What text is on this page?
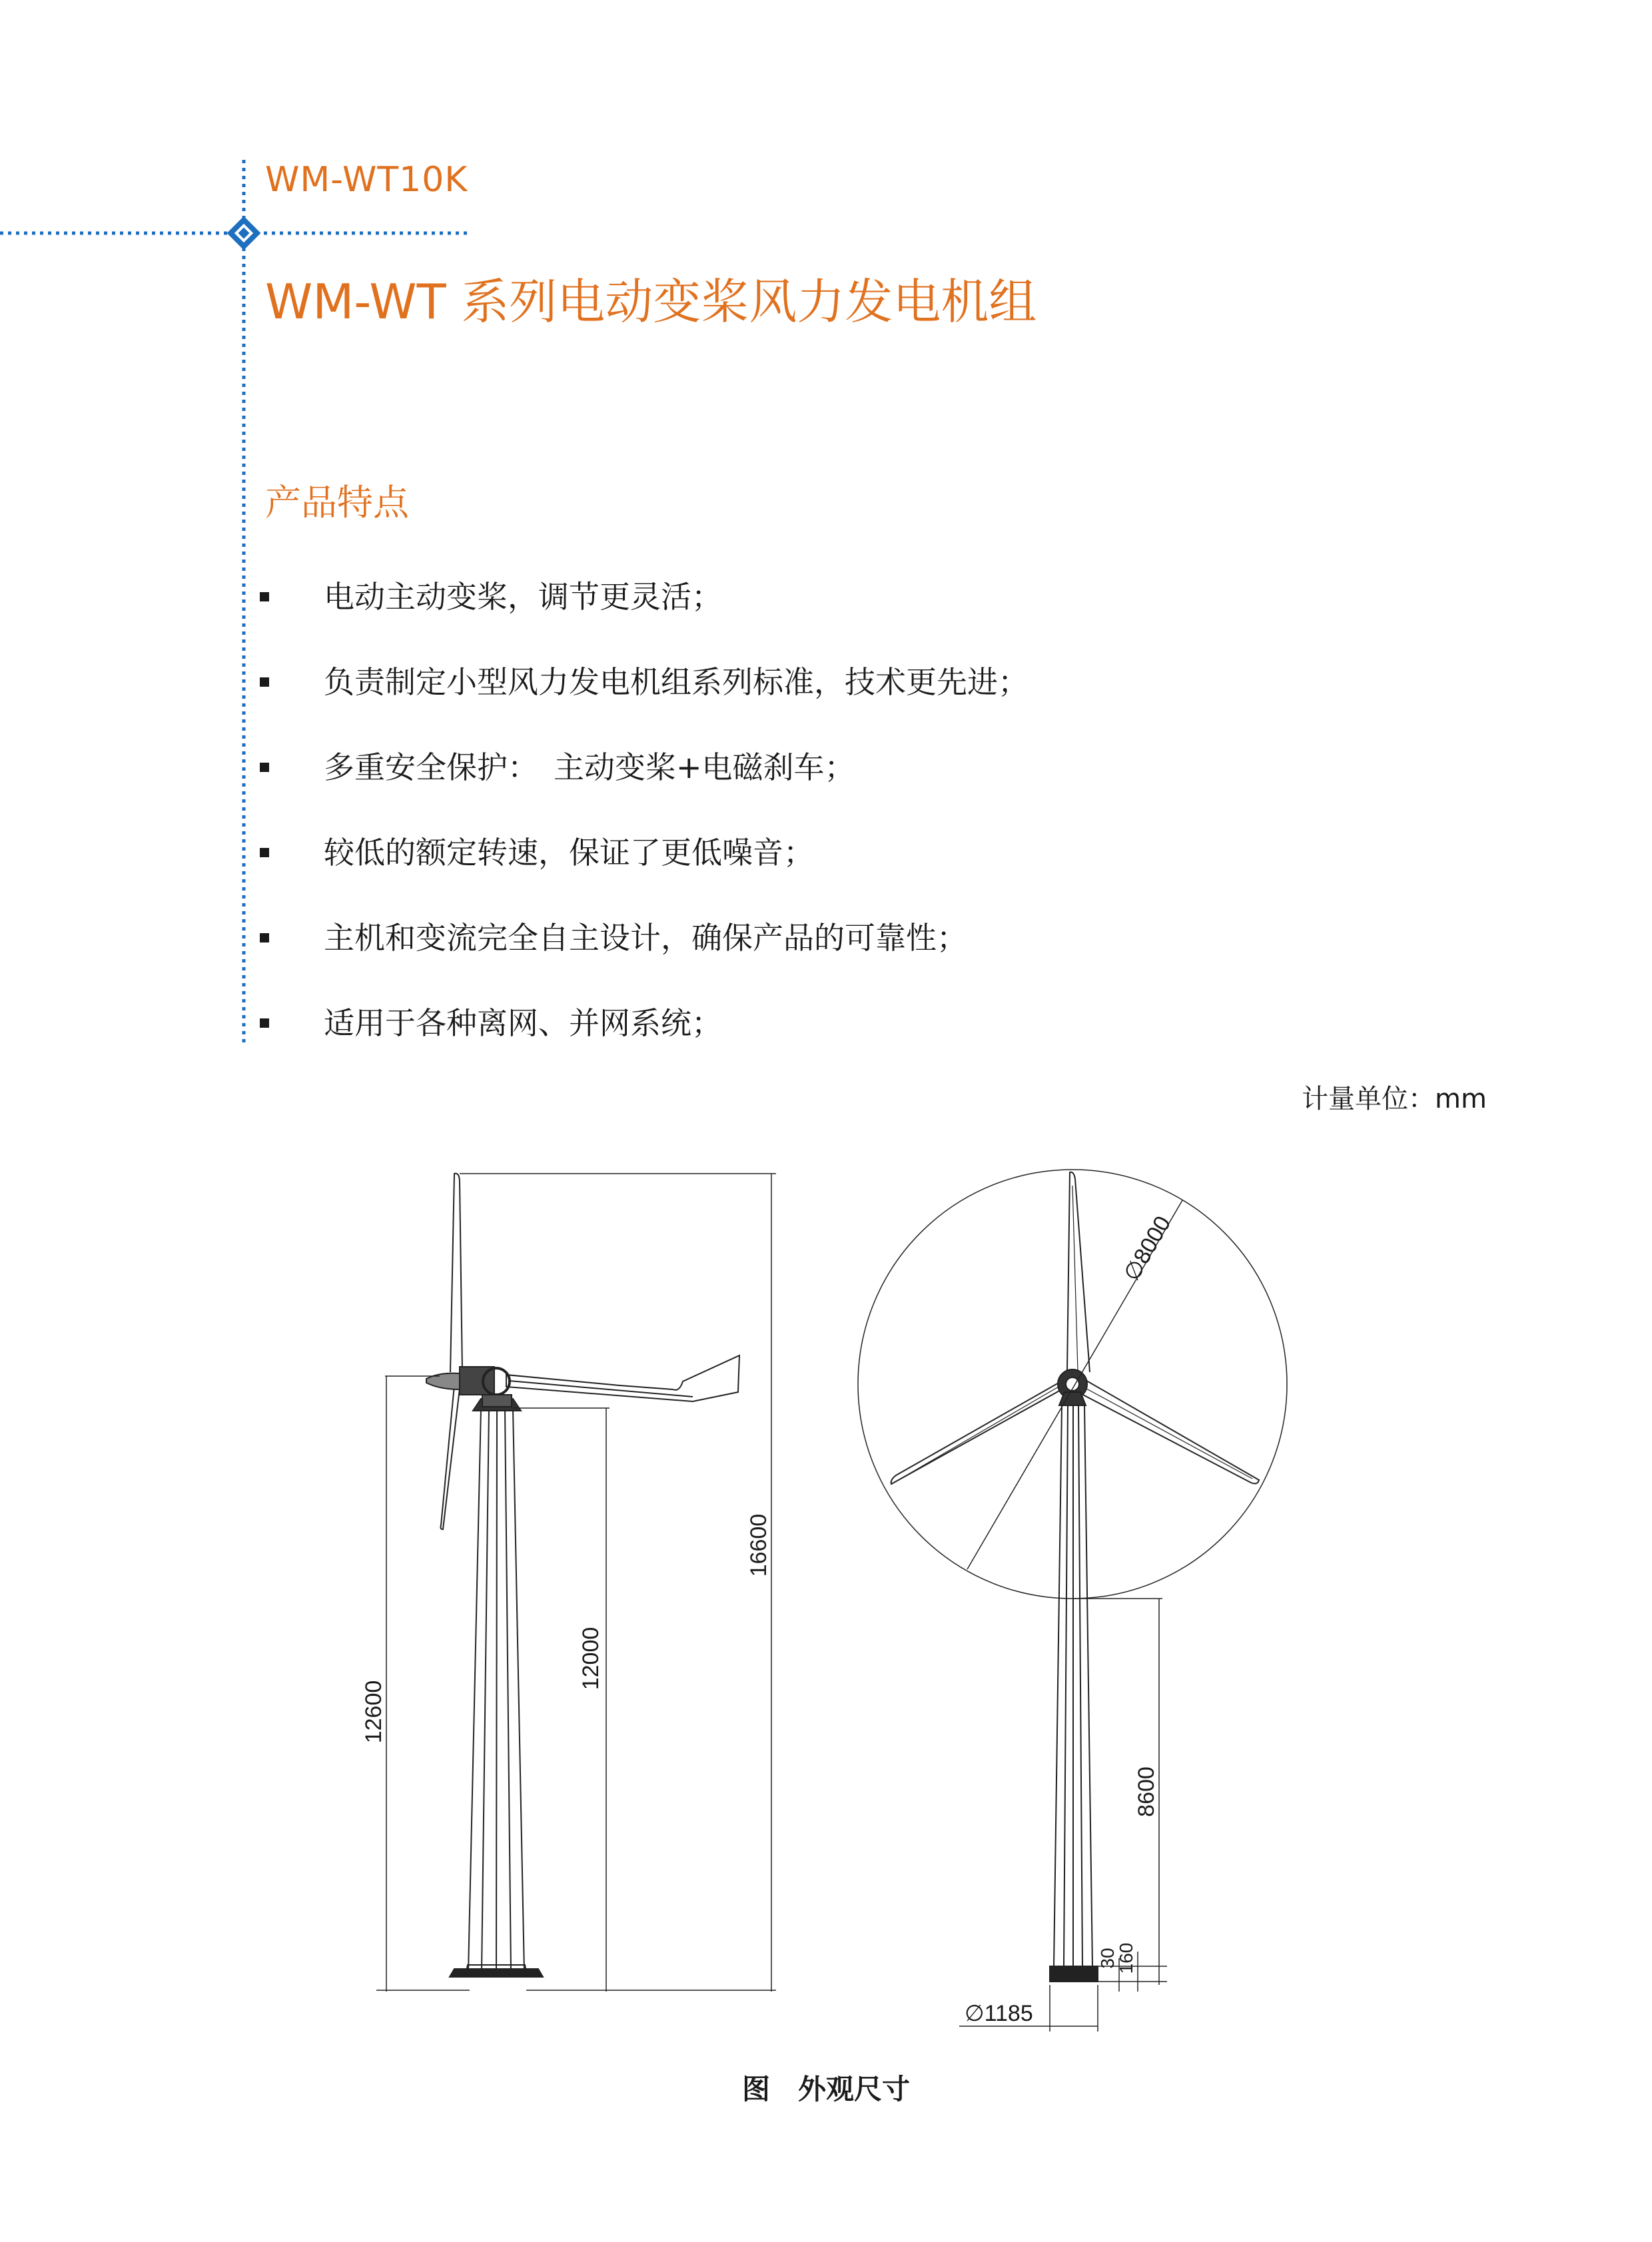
WM-WT10K
WM-WT 系列电动变桨风力发电机组
产品特点
电动主动变桨，调节更灵活；
负责制定小型风力发电机组系列标准，技术更先进；
多重安全保护：　主动变桨+电磁刹车；
较低的额定转速，保证了更低噪音；
主机和变流完全自主设计，确保产品的可靠性；
适用于各种离网、并网系统；
计量单位：mm
12600
12000
16600
∅8000
8600
30
160
∅1185
图　外观尺寸
